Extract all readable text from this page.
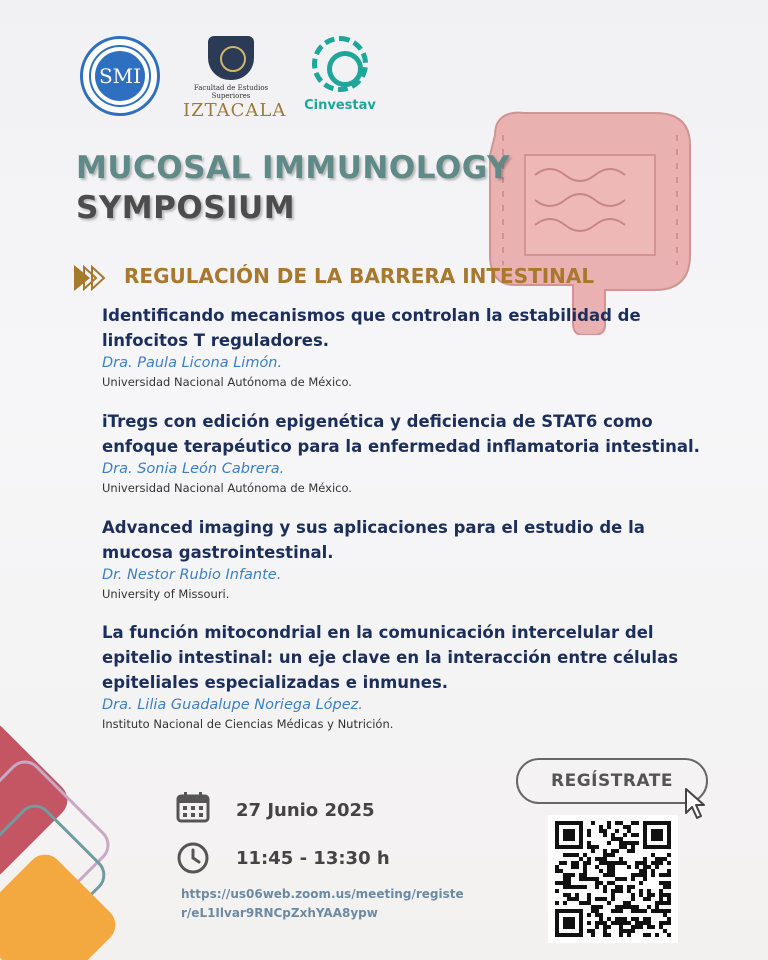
SMI	Facultad de Estudios Superiores
IZTACALA	Cinvestav
MUCOSAL IMMUNOLOGY
SYMPOSIUM
REGULACIÓN DE LA BARRERA INTESTINAL
Identificando mecanismos que controlan la estabilidad de
linfocitos T reguladores.
Dra. Paula Licona Limón.
Universidad Nacional Autónoma de México.
iTregs con edición epigenética y deficiencia de STAT6 como
enfoque terapéutico para la enfermedad inflamatoria intestinal.
Dra. Sonia León Cabrera.
Universidad Nacional Autónoma de México.
Advanced imaging y sus aplicaciones para el estudio de la
mucosa gastrointestinal.
Dr. Nestor Rubio Infante.
University of Missouri.
La función mitocondrial en la comunicación intercelular del
epitelio intestinal: un eje clave en la interacción entre células
epiteliales especializadas e inmunes.
Dra. Lilia Guadalupe Noriega López.
Instituto Nacional de Ciencias Médicas y Nutrición.
27 Junio 2025
11:45 - 13:30 h
https://us06web.zoom.us/meeting/registe
r/eL1Ilvar9RNCpZxhYAA8ypw
REGÍSTRATE
